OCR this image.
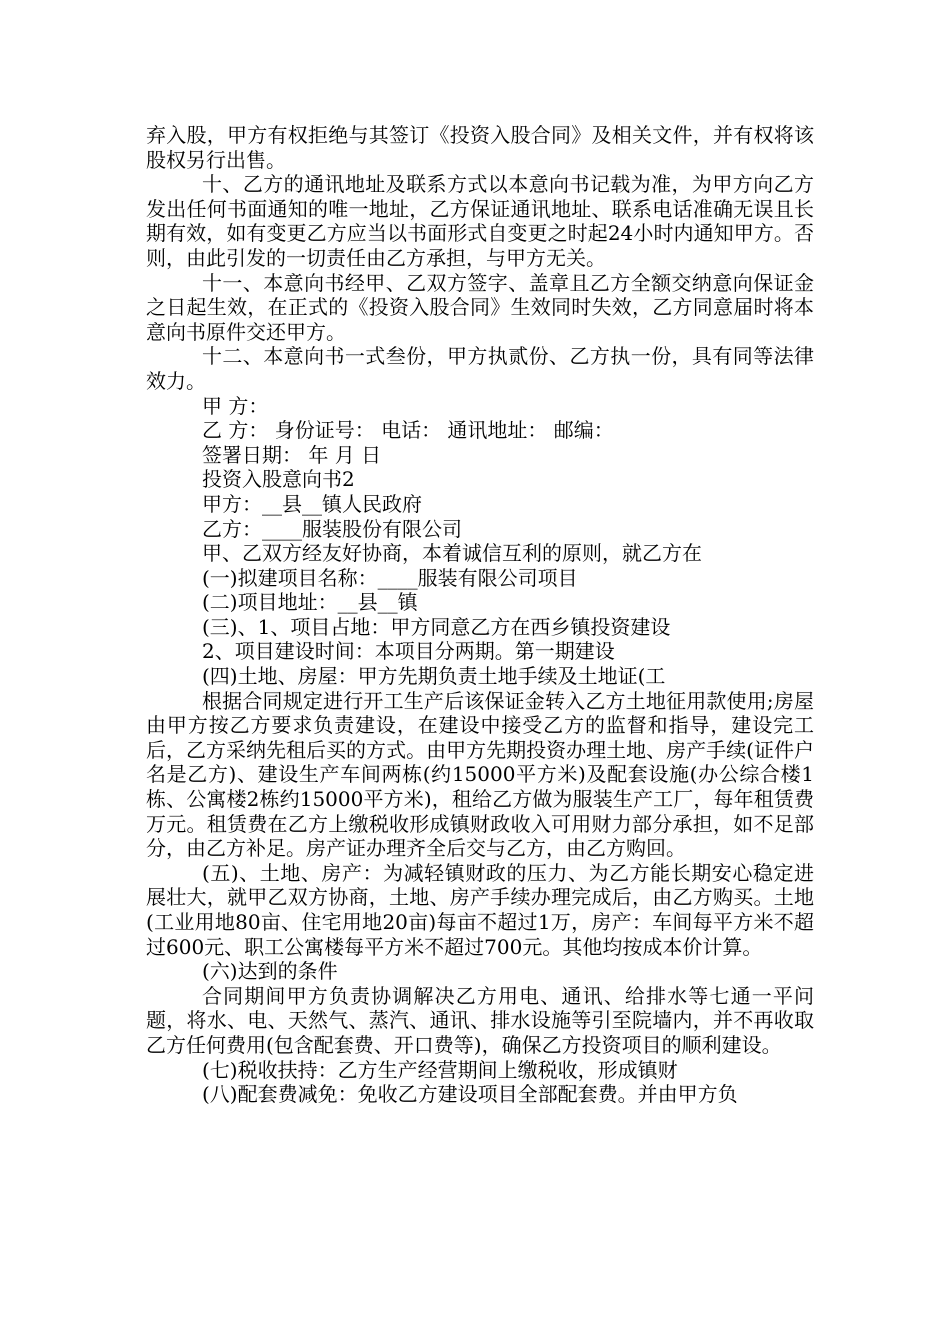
弃入股，甲方有权拒绝与其签订《投资入股合同》及相关文件，并有权将该股权另行出售。

十、乙方的通讯地址及联系方式以本意向书记载为准，为甲方向乙方发出任何书面通知的唯一地址，乙方保证通讯地址、联系电话准确无误且长期有效，如有变更乙方应当以书面形式自变更之时起24小时内通知甲方。否则，由此引发的一切责任由乙方承担，与甲方无关。

十一、本意向书经甲、乙双方签字、盖章且乙方全额交纳意向保证金之日起生效，在正式的《投资入股合同》生效同时失效，乙方同意届时将本意向书原件交还甲方。

十二、本意向书一式叁份，甲方执贰份、乙方执一份，具有同等法律效力。

甲 方：

乙 方： 身份证号： 电话： 通讯地址： 邮编：

签署日期： 年 月 日

投资入股意向书2

甲方：__县__镇人民政府

乙方：____服装股份有限公司

甲、乙双方经友好协商，本着诚信互利的原则，就乙方在

(一)拟建项目名称：____服装有限公司项目

(二)项目地址：__县__镇

(三)、1、项目占地：甲方同意乙方在西乡镇投资建设

2、项目建设时间：本项目分两期。第一期建设

(四)土地、房屋：甲方先期负责土地手续及土地证(工

根据合同规定进行开工生产后该保证金转入乙方土地征用款使用;房屋由甲方按乙方要求负责建设，在建设中接受乙方的监督和指导，建设完工后，乙方采纳先租后买的方式。由甲方先期投资办理土地、房产手续(证件户名是乙方)、建设生产车间两栋(约15000平方米)及配套设施(办公综合楼1栋、公寓楼2栋约15000平方米)，租给乙方做为服装生产工厂，每年租赁费万元。租赁费在乙方上缴税收形成镇财政收入可用财力部分承担，如不足部分，由乙方补足。房产证办理齐全后交与乙方，由乙方购回。

(五)、土地、房产：为减轻镇财政的压力、为乙方能长期安心稳定进展壮大，就甲乙双方协商，土地、房产手续办理完成后，由乙方购买。土地(工业用地80亩、住宅用地20亩)每亩不超过1万，房产：车间每平方米不超过600元、职工公寓楼每平方米不超过700元。其他均按成本价计算。

(六)达到的条件

合同期间甲方负责协调解决乙方用电、通讯、给排水等七通一平问题，将水、电、天然气、蒸汽、通讯、排水设施等引至院墙内，并不再收取乙方任何费用(包含配套费、开口费等)，确保乙方投资项目的顺利建设。

(七)税收扶持：乙方生产经营期间上缴税收，形成镇财

(八)配套费减免：免收乙方建设项目全部配套费。并由甲方负
